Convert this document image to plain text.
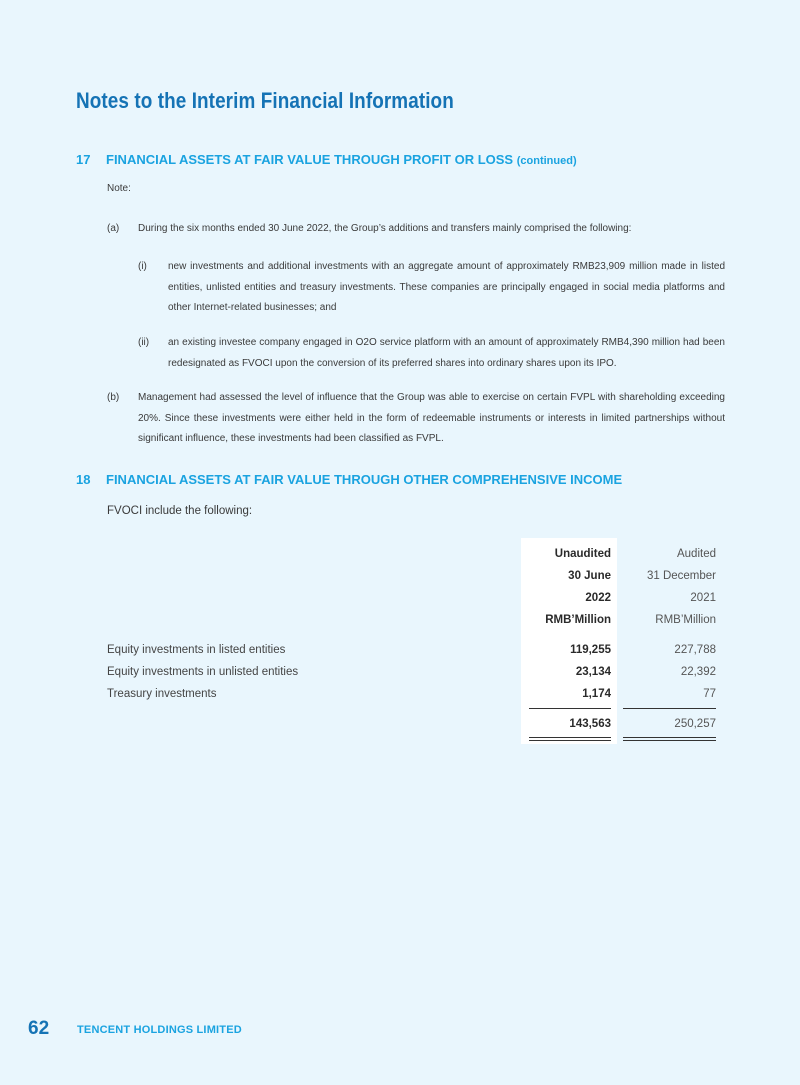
Notes to the Interim Financial Information
17 FINANCIAL ASSETS AT FAIR VALUE THROUGH PROFIT OR LOSS (continued)
Note:
(a) During the six months ended 30 June 2022, the Group’s additions and transfers mainly comprised the following:
(i) new investments and additional investments with an aggregate amount of approximately RMB23,909 million made in listed entities, unlisted entities and treasury investments. These companies are principally engaged in social media platforms and other Internet-related businesses; and
(ii) an existing investee company engaged in O2O service platform with an amount of approximately RMB4,390 million had been redesignated as FVOCI upon the conversion of its preferred shares into ordinary shares upon its IPO.
(b) Management had assessed the level of influence that the Group was able to exercise on certain FVPL with shareholding exceeding 20%. Since these investments were either held in the form of redeemable instruments or interests in limited partnerships without significant influence, these investments had been classified as FVPL.
18 FINANCIAL ASSETS AT FAIR VALUE THROUGH OTHER COMPREHENSIVE INCOME
FVOCI include the following:
Unaudited	Audited
30 June	31 December
2022	2021
RMB’Million	RMB’Million
Equity investments in listed entities	119,255	227,788
Equity investments in unlisted entities	23,134	22,392
Treasury investments	1,174	77
143,563	250,257
62	TENCENT HOLDINGS LIMITED
